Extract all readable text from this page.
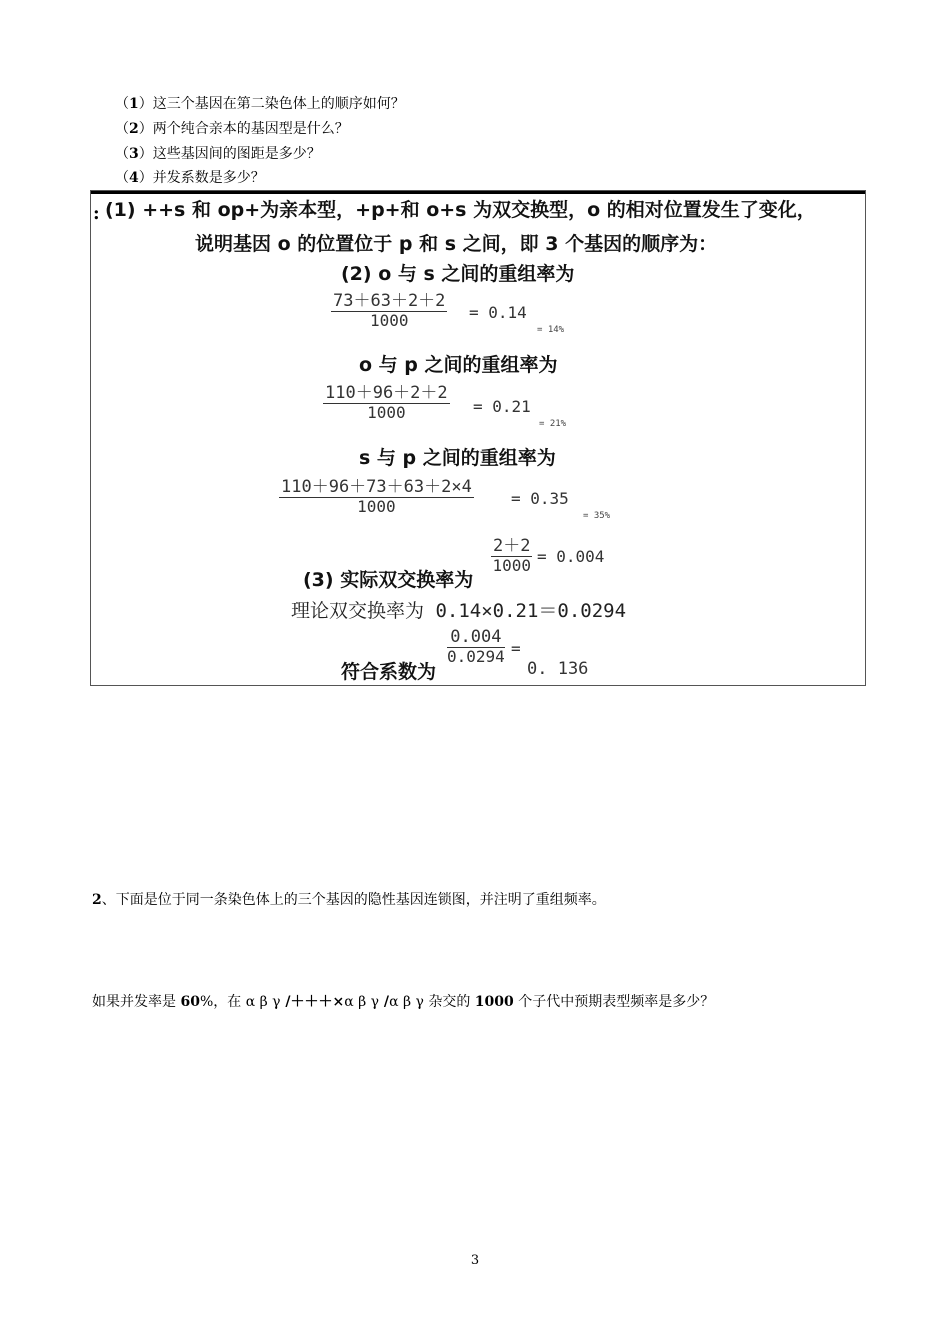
（1）这三个基因在第二染色体上的顺序如何？
（2）两个纯合亲本的基因型是什么？
（3）这些基因间的图距是多少？
（4）并发系数是多少？
: (1) ++s 和 op+为亲本型，+p+和 o+s 为双交换型，o 的相对位置发生了变化，
说明基因 o 的位置位于 p 和 s 之间，即 3 个基因的顺序为：
(2) o 与 s 之间的重组率为
73＋63＋2＋2
1000	= 0.14
= 14%
o 与 p 之间的重组率为
110＋96＋2＋2
1000	= 0.21
= 21%
s 与 p 之间的重组率为
110＋96＋73＋63＋2×4
1000	= 0.35
= 35%
2＋2
1000 = 0.004
(3) 实际双交换率为
理论双交换率为 0.14×0.21＝0.0294
0.004
0.0294 =
符合系数为	0. 136
2、下面是位于同一条染色体上的三个基因的隐性基因连锁图，并注明了重组频率。
如果并发率是 60%，在 α β γ /＋＋＋×α β γ /α β γ 杂交的 1000 个子代中预期表型频率是多少？
3
